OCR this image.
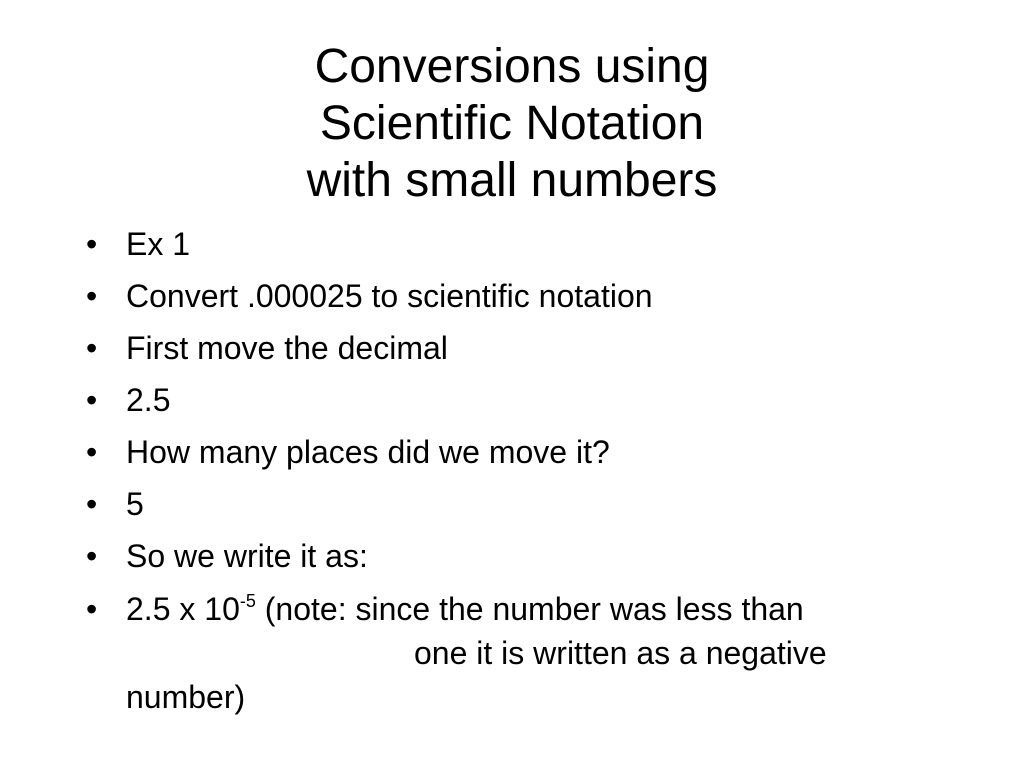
Conversions using
Scientific Notation
with small numbers
• Ex 1
• Convert .000025 to scientific notation
• First move the decimal
• 2.5
• How many places did we move it?
• 5
• So we write it as:
• 2.5 x $10^{-5}$ (note: since the number was less thanone it is written as a negative number)
